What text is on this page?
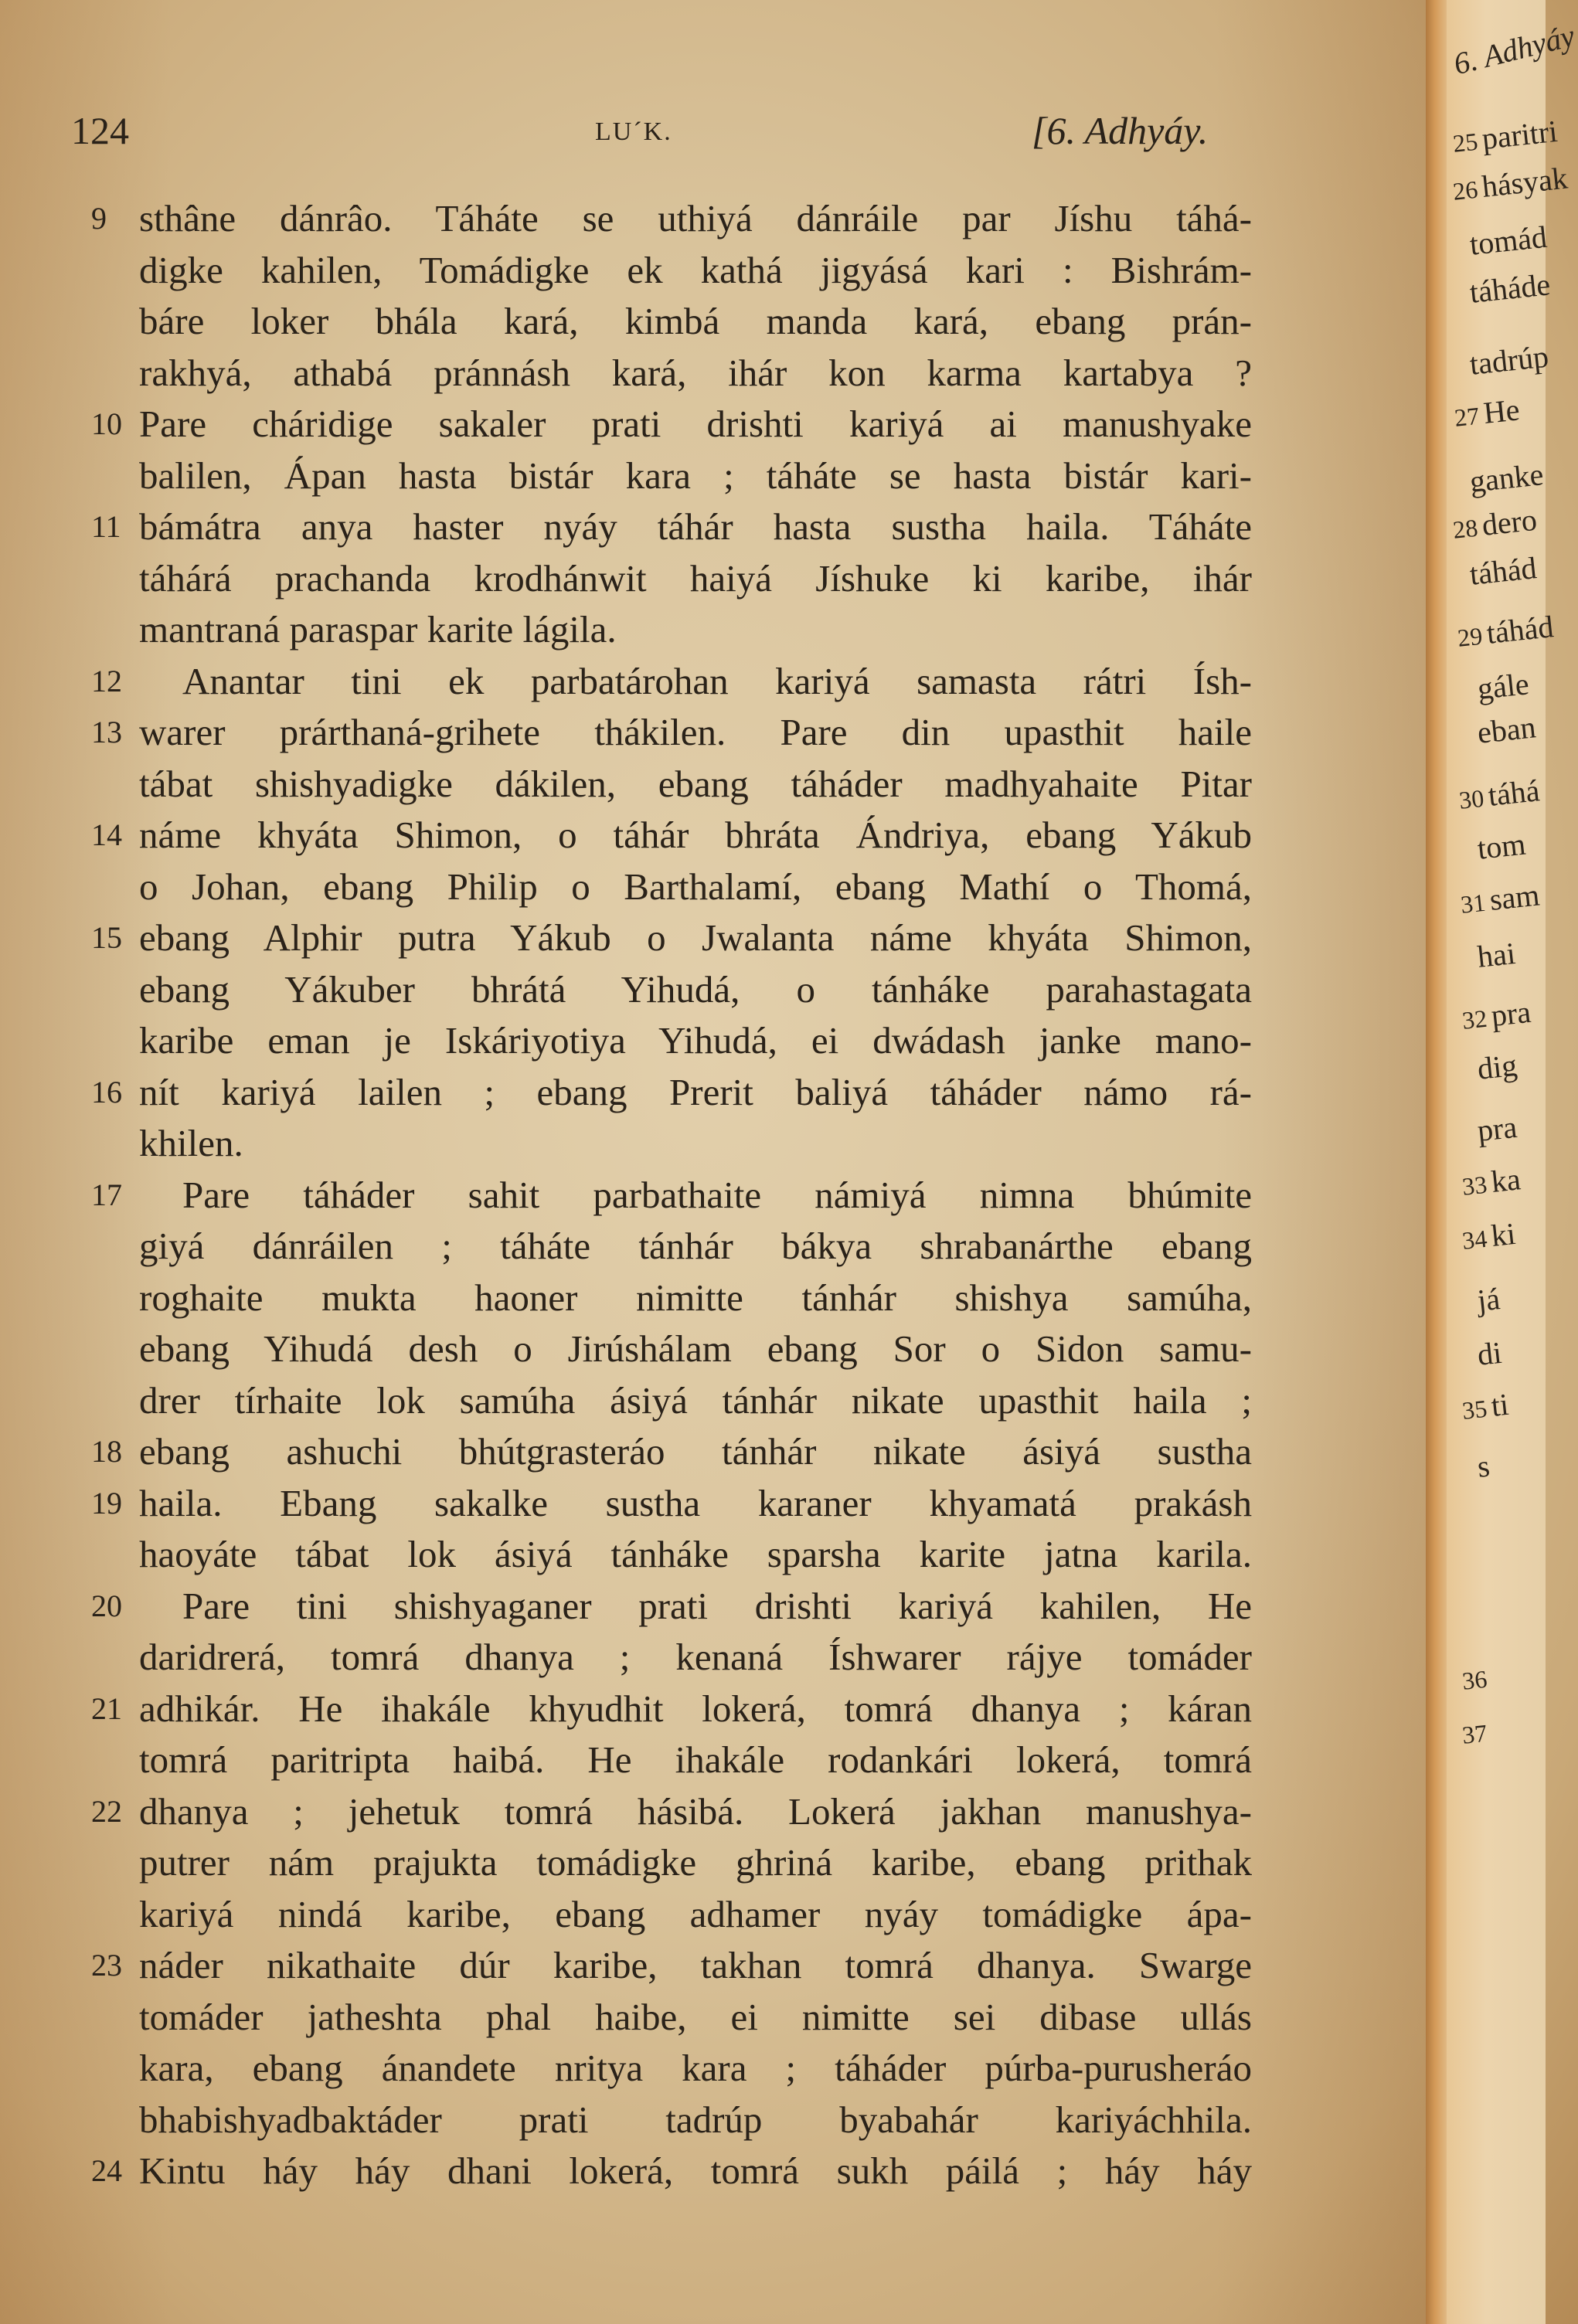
124	LU´K.	[6. Adhyáy.
9 sthâne dánrâo. Táháte se uthiyá dánráile par Jíshu táhá-
digke kahilen, Tomádigke ek kathá jigyásá kari : Bishrám-
báre loker bhála kará, kimbá manda kará, ebang prán-
rakhyá, athabá pránnásh kará, ihár kon karma kartabya ?
10 Pare cháridige sakaler prati drishti kariyá ai manushyake
balilen, Ápan hasta bistár kara ; táháte se hasta bistár kari-
11 bámátra anya haster nyáy táhár hasta sustha haila. Táháte
táhárá prachanda krodhánwit haiyá Jíshuke ki karibe, ihár
mantraná paraspar karite lágila.
12 Anantar tini ek parbatárohan kariyá samasta rátri Ísh-
13 warer prárthaná-grihete thákilen. Pare din upasthit haile
tábat shishyadigke dákilen, ebang táháder madhyahaite Pitar
14 náme khyáta Shimon, o táhár bhráta Ándriya, ebang Yákub
o Johan, ebang Philip o Barthalamí, ebang Mathí o Thomá,
15 ebang Alphir putra Yákub o Jwalanta náme khyáta Shimon,
ebang Yákuber bhrátá Yihudá, o tánháke parahastagata
karibe eman je Iskáriyotiya Yihudá, ei dwádash janke mano-
16 nít kariyá lailen ; ebang Prerit baliyá táháder námo rá-
khilen.
17 Pare táháder sahit parbathaite námiyá nimna bhúmite
giyá dánráilen ; táháte tánhár bákya shrabanárthe ebang
roghaite mukta haoner nimitte tánhár shishya samúha,
ebang Yihudá desh o Jirúshálam ebang Sor o Sidon samu-
drer tírhaite lok samúha ásiyá tánhár nikate upasthit haila ;
18 ebang ashuchi bhútgrasteráo tánhár nikate ásiyá sustha
19 haila. Ebang sakalke sustha karaner khyamatá prakásh
haoyáte tábat lok ásiyá tánháke sparsha karite jatna karila.
20 Pare tini shishyaganer prati drishti kariyá kahilen, He
daridrerá, tomrá dhanya ; kenaná Íshwarer rájye tomáder
21 adhikár. He ihakále khyudhit lokerá, tomrá dhanya ; káran
tomrá paritripta haibá. He ihakále rodankári lokerá, tomrá
22 dhanya ; jehetuk tomrá hásibá. Lokerá jakhan manushya-
putrer nám prajukta tomádigke ghriná karibe, ebang prithak
kariyá nindá karibe, ebang adhamer nyáy tomádigke ápa-
23 náder nikathaite dúr karibe, takhan tomrá dhanya. Swarge
tomáder jatheshta phal haibe, ei nimitte sei dibase ullás
kara, ebang ánandete nritya kara ; táháder púrba-purusheráo
bhabishyadbaktáder prati tadrúp byabahár kariyáchhila.
24 Kintu háy háy dhani lokerá, tomrá sukh páilá ; háy háy
6. Adhyáy
25paritri
26hásyak
tomád
táháde
tadrúp
27He
ganke
28dero
táhád
29táhád
gále
eban
30táhá
tom
31sam
hai
32pra
dig
pra
33ka
34ki
já
di
35ti
s
36
37
